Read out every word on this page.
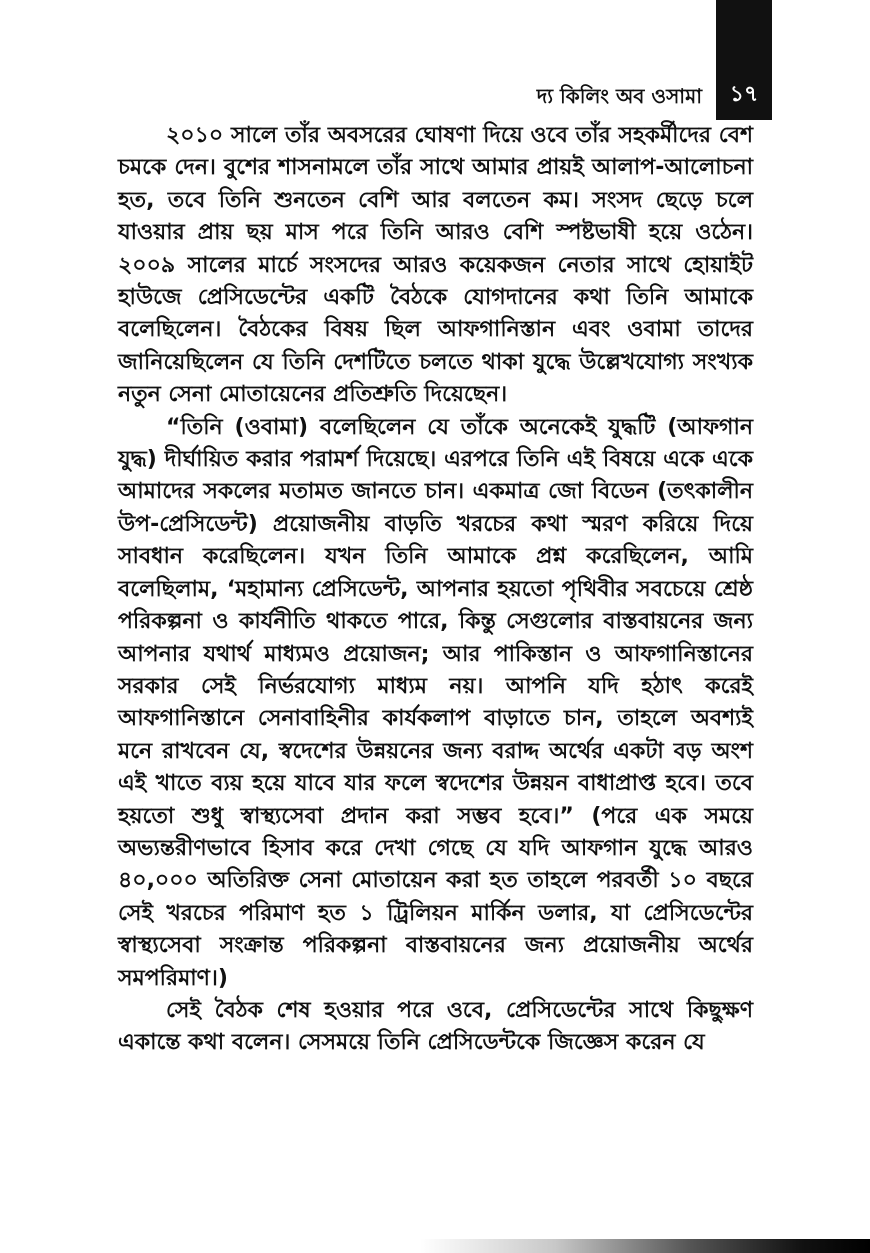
১৭
দ্য কিলিং অব ওসামা

২০১০ সালে তাঁর অবসরের ঘোষণা দিয়ে ওবে তাঁর সহকর্মীদের বেশ চমকে দেন। বুশের শাসনামলে তাঁর সাথে আমার প্রায়ই আলাপ-আলোচনা হত, তবে তিনি শুনতেন বেশি আর বলতেন কম। সংসদ ছেড়ে চলে যাওয়ার প্রায় ছয় মাস পরে তিনি আরও বেশি স্পষ্টভাষী হয়ে ওঠেন। ২০০৯ সালের মার্চে সংসদের আরও কয়েকজন নেতার সাথে হোয়াইট হাউজে প্রেসিডেন্টের একটি বৈঠকে যোগদানের কথা তিনি আমাকে বলেছিলেন। বৈঠকের বিষয় ছিল আফগানিস্তান এবং ওবামা তাদের জানিয়েছিলেন যে তিনি দেশটিতে চলতে থাকা যুদ্ধে উল্লেখযোগ্য সংখ্যক নতুন সেনা মোতায়েনের প্রতিশ্রুতি দিয়েছেন।

“তিনি (ওবামা) বলেছিলেন যে তাঁকে অনেকেই যুদ্ধটি (আফগান যুদ্ধ) দীর্ঘায়িত করার পরামর্শ দিয়েছে। এরপরে তিনি এই বিষয়ে একে একে আমাদের সকলের মতামত জানতে চান। একমাত্র জো বিডেন (তৎকালীন উপ-প্রেসিডেন্ট) প্রয়োজনীয় বাড়তি খরচের কথা স্মরণ করিয়ে দিয়ে সাবধান করেছিলেন। যখন তিনি আমাকে প্রশ্ন করেছিলেন, আমি বলেছিলাম, ‘মহামান্য প্রেসিডেন্ট, আপনার হয়তো পৃথিবীর সবচেয়ে শ্রেষ্ঠ পরিকল্পনা ও কার্যনীতি থাকতে পারে, কিন্তু সেগুলোর বাস্তবায়নের জন্য আপনার যথার্থ মাধ্যমও প্রয়োজন; আর পাকিস্তান ও আফগানিস্তানের সরকার সেই নির্ভরযোগ্য মাধ্যম নয়। আপনি যদি হঠাৎ করেই আফগানিস্তানে সেনাবাহিনীর কার্যকলাপ বাড়াতে চান, তাহলে অবশ্যই মনে রাখবেন যে, স্বদেশের উন্নয়নের জন্য বরাদ্দ অর্থের একটা বড় অংশ এই খাতে ব্যয় হয়ে যাবে যার ফলে স্বদেশের উন্নয়ন বাধাপ্রাপ্ত হবে। তবে হয়তো শুধু স্বাস্থ্যসেবা প্রদান করা সম্ভব হবে।” (পরে এক সময়ে অভ্যন্তরীণভাবে হিসাব করে দেখা গেছে যে যদি আফগান যুদ্ধে আরও ৪০,০০০ অতিরিক্ত সেনা মোতায়েন করা হত তাহলে পরবর্তী ১০ বছরে সেই খরচের পরিমাণ হত ১ ট্রিলিয়ন মার্কিন ডলার, যা প্রেসিডেন্টের স্বাস্থ্যসেবা সংক্রান্ত পরিকল্পনা বাস্তবায়নের জন্য প্রয়োজনীয় অর্থের সমপরিমাণ।)

সেই বৈঠক শেষ হওয়ার পরে ওবে, প্রেসিডেন্টের সাথে কিছুক্ষণ একান্তে কথা বলেন। সেসময়ে তিনি প্রেসিডেন্টকে জিজ্ঞেস করেন যে
